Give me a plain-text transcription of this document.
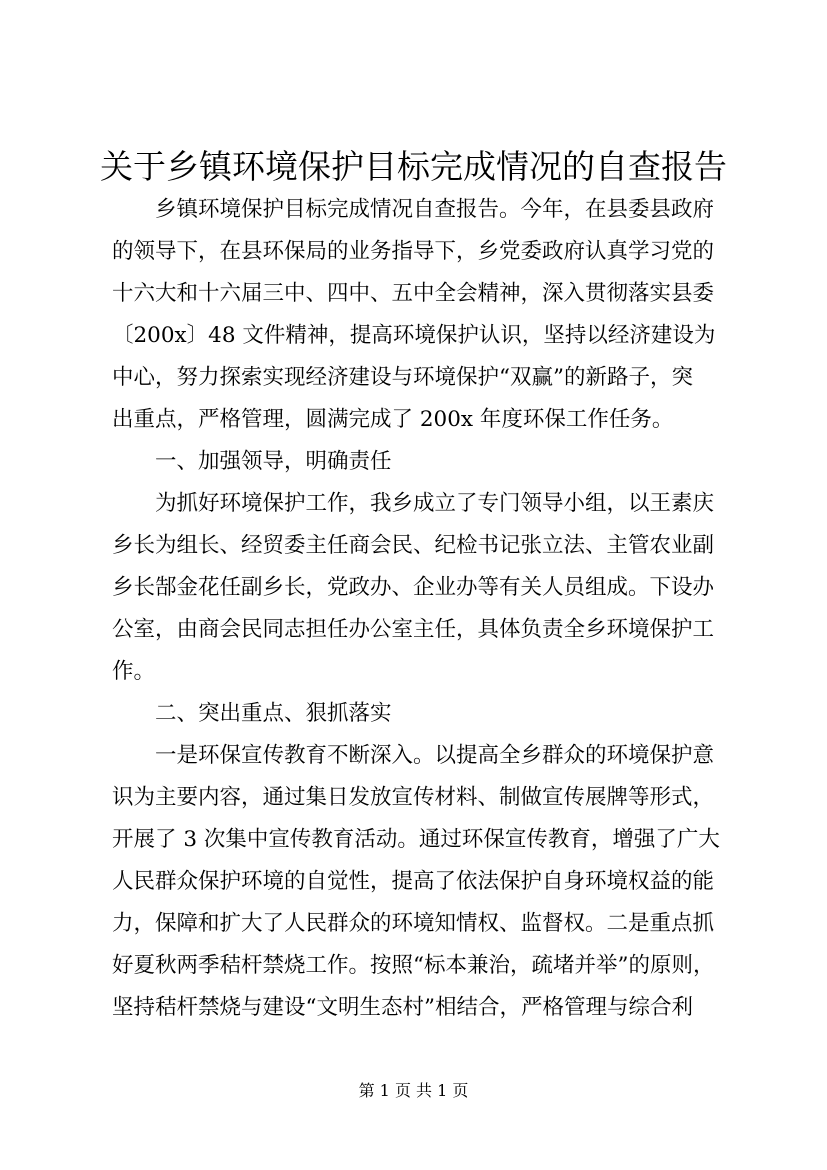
关于乡镇环境保护目标完成情况的自查报告
乡镇环境保护目标完成情况自查报告。今年，在县委县政府
的领导下，在县环保局的业务指导下，乡党委政府认真学习党的
十六大和十六届三中、四中、五中全会精神，深入贯彻落实县委
〔200x〕48 文件精神，提高环境保护认识，坚持以经济建设为
中心，努力探索实现经济建设与环境保护“双赢”的新路子，突
出重点，严格管理，圆满完成了 200x 年度环保工作任务。
一、加强领导，明确责任
为抓好环境保护工作，我乡成立了专门领导小组，以王素庆
乡长为组长、经贸委主任商会民、纪检书记张立法、主管农业副
乡长郜金花任副乡长，党政办、企业办等有关人员组成。下设办
公室，由商会民同志担任办公室主任，具体负责全乡环境保护工
作。
二、突出重点、狠抓落实
一是环保宣传教育不断深入。以提高全乡群众的环境保护意
识为主要内容，通过集日发放宣传材料、制做宣传展牌等形式，
开展了 3 次集中宣传教育活动。通过环保宣传教育，增强了广大
人民群众保护环境的自觉性，提高了依法保护自身环境权益的能
力，保障和扩大了人民群众的环境知情权、监督权。二是重点抓
好夏秋两季秸杆禁烧工作。按照“标本兼治，疏堵并举”的原则，
坚持秸杆禁烧与建设“文明生态村”相结合，严格管理与综合利
第 1 页 共 1 页
